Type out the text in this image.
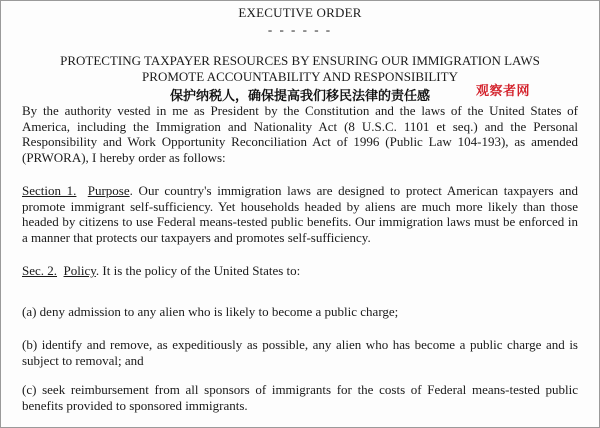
EXECUTIVE ORDER
- - - - - -
PROTECTING TAXPAYER RESOURCES BY ENSURING OUR IMMIGRATION LAWS
PROMOTE ACCOUNTABILITY AND RESPONSIBILITY
保护纳税人，确保提高我们移民法律的责任感	观察者网

By the authority vested in me as President by the Constitution and the laws of the United States of America, including the Immigration and Nationality Act (8 U.S.C. 1101 et seq.) and the Personal Responsibility and Work Opportunity Reconciliation Act of 1996 (Public Law 104-193), as amended (PRWORA), I hereby order as follows:

Section 1. Purpose. Our country's immigration laws are designed to protect American taxpayers and promote immigrant self-sufficiency. Yet households headed by aliens are much more likely than those headed by citizens to use Federal means-tested public benefits. Our immigration laws must be enforced in a manner that protects our taxpayers and promotes self-sufficiency.

Sec. 2. Policy. It is the policy of the United States to:

(a) deny admission to any alien who is likely to become a public charge;

(b) identify and remove, as expeditiously as possible, any alien who has become a public charge and is subject to removal; and

(c) seek reimbursement from all sponsors of immigrants for the costs of Federal means-tested public benefits provided to sponsored immigrants.
